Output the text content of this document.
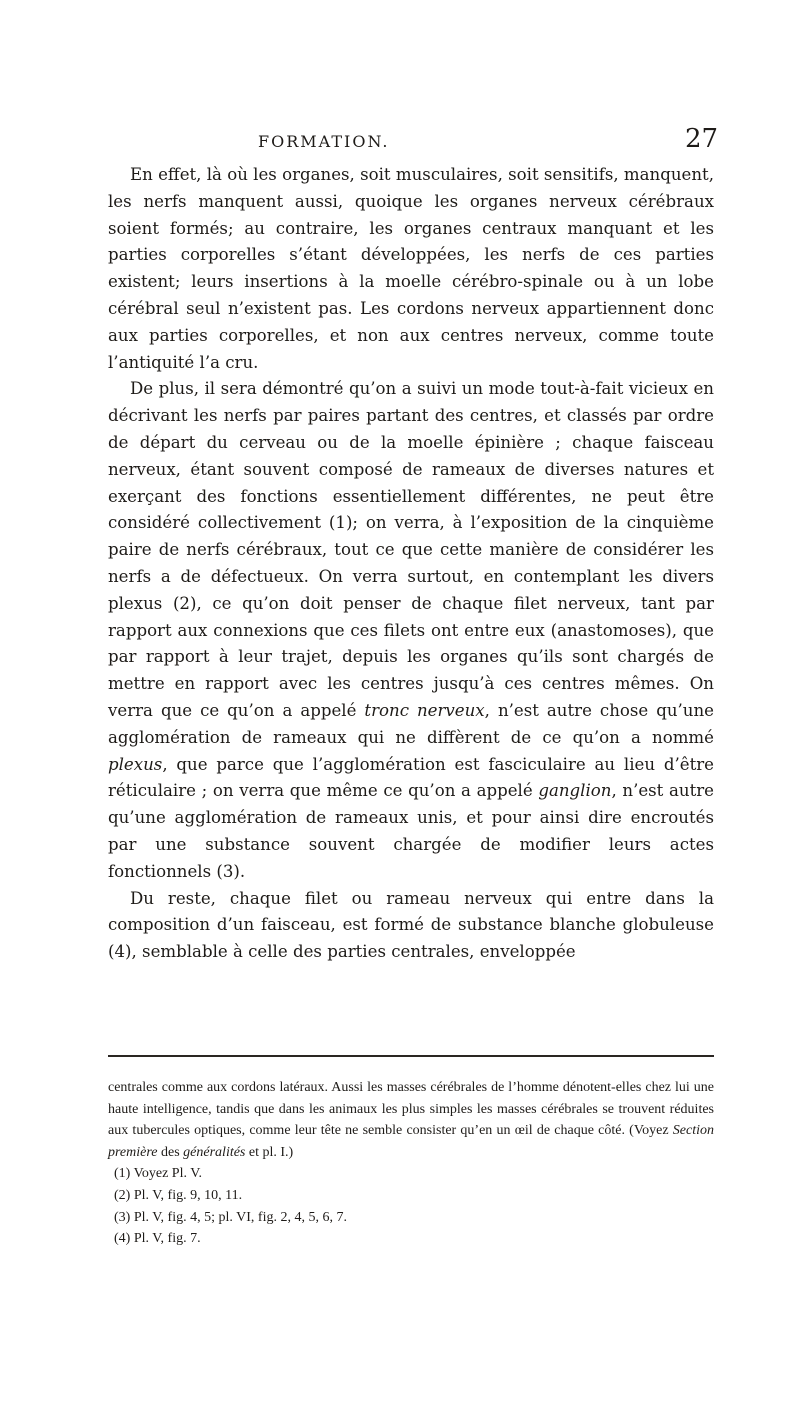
FORMATION.	27

En effet, là où les organes, soit musculaires, soit sensitifs, manquent, les nerfs manquent aussi, quoique les organes nerveux cérébraux soient formés; au contraire, les organes centraux manquant et les parties corporelles s’étant développées, les nerfs de ces parties existent; leurs insertions à la moelle cérébro-spinale ou à un lobe cérébral seul n’existent pas. Les cordons nerveux appartiennent donc aux parties corporelles, et non aux centres nerveux, comme toute l’antiquité l’a cru.

De plus, il sera démontré qu’on a suivi un mode tout-à-fait vicieux en décrivant les nerfs par paires partant des centres, et classés par ordre de départ du cerveau ou de la moelle épinière ; chaque faisceau nerveux, étant souvent composé de rameaux de diverses natures et exerçant des fonctions essentiellement différentes, ne peut être considéré collectivement (1); on verra, à l’exposition de la cinquième paire de nerfs cérébraux, tout ce que cette manière de considérer les nerfs a de défectueux. On verra surtout, en contemplant les divers plexus (2), ce qu’on doit penser de chaque filet nerveux, tant par rapport aux connexions que ces filets ont entre eux (anastomoses), que par rapport à leur trajet, depuis les organes qu’ils sont chargés de mettre en rapport avec les centres jusqu’à ces centres mêmes. On verra que ce qu’on a appelé tronc nerveux, n’est autre chose qu’une agglomération de rameaux qui ne diffèrent de ce qu’on a nommé plexus, que parce que l’agglomération est fasciculaire au lieu d’être réticulaire ; on verra que même ce qu’on a appelé ganglion, n’est autre qu’une agglomération de rameaux unis, et pour ainsi dire encroutés par une substance souvent chargée de modifier leurs actes fonctionnels (3).

Du reste, chaque filet ou rameau nerveux qui entre dans la composition d’un faisceau, est formé de substance blanche globuleuse (4), semblable à celle des parties centrales, enveloppée

centrales comme aux cordons latéraux. Aussi les masses cérébrales de l’homme dénotent-elles chez lui une haute intelligence, tandis que dans les animaux les plus simples les masses cérébrales se trouvent réduites aux tubercules optiques, comme leur tête ne semble consister qu’en un œil de chaque côté. (Voyez Section première des généralités et pl. I.)

(1) Voyez Pl. V.

(2) Pl. V, fig. 9, 10, 11.

(3) Pl. V, fig. 4, 5; pl. VI, fig. 2, 4, 5, 6, 7.

(4) Pl. V, fig. 7.
